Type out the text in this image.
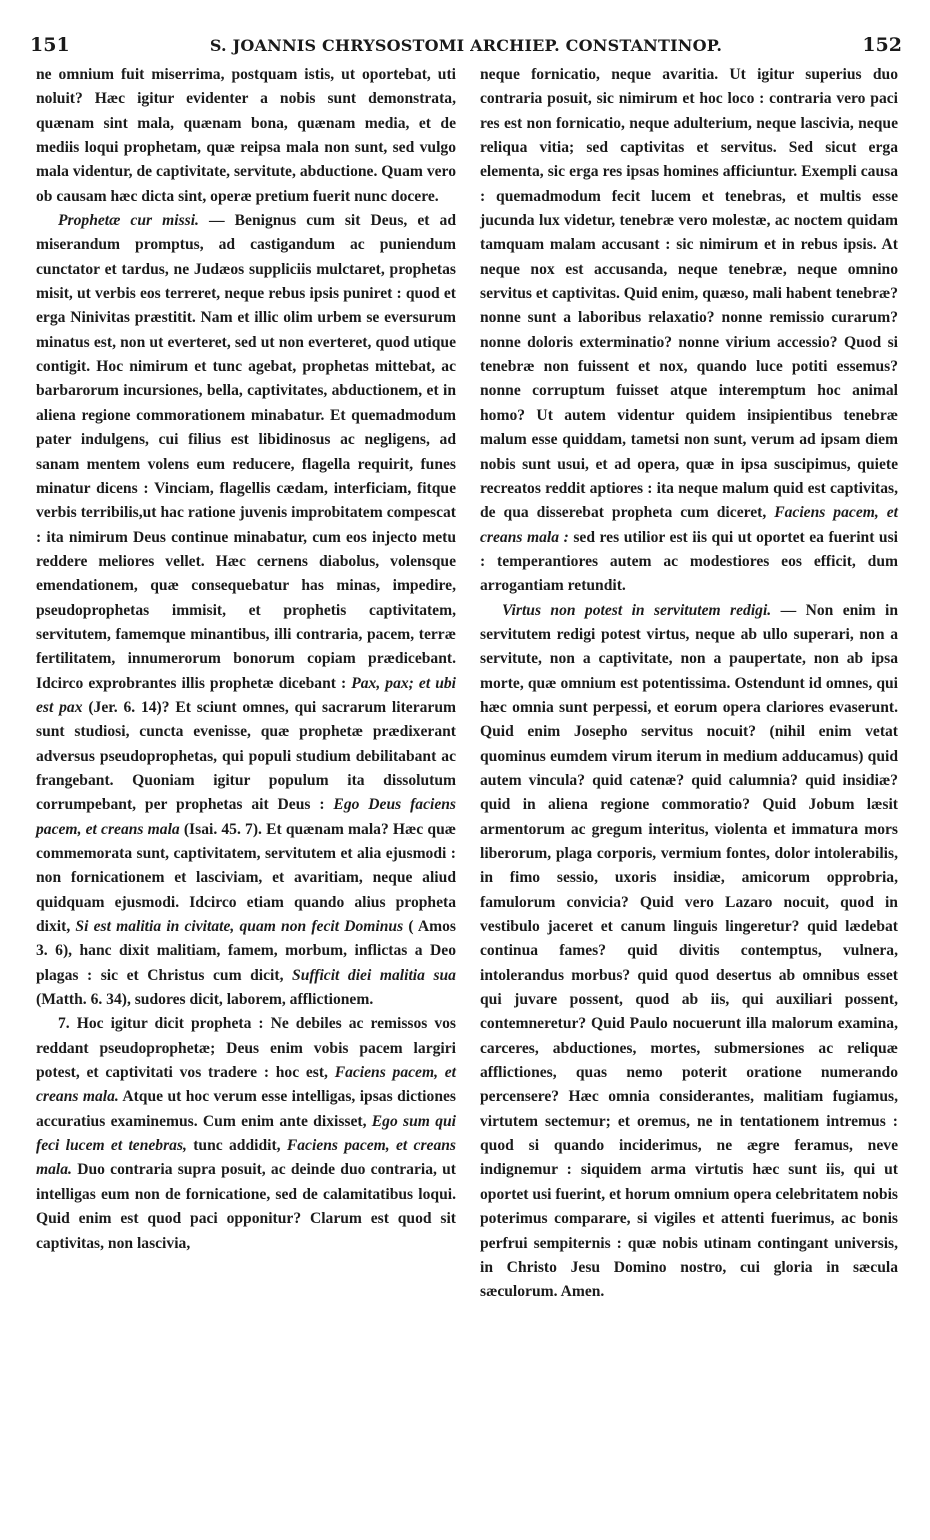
151	S. JOANNIS CHRYSOSTOMI ARCHIEP. CONSTANTINOP.	152

ne omnium fuit miserrima, postquam istis, ut oportebat, uti noluit? Hæc igitur evidenter a nobis sunt demonstrata, quænam sint mala, quænam bona, quænam media, et de mediis loqui prophetam, quæ reipsa mala non sunt, sed vulgo mala videntur, de captivitate, servitute, abductione. Quam vero ob causam hæc dicta sint, operæ pretium fuerit nunc docere.

Prophetæ cur missi. — Benignus cum sit Deus, et ad miserandum promptus, ad castigandum ac puniendum cunctator et tardus, ne Judæos suppliciis mulctaret, prophetas misit, ut verbis eos terreret, neque rebus ipsis puniret : quod et erga Ninivitas præstitit. Nam et illic olim urbem se eversurum minatus est, non ut everteret, sed ut non everteret, quod utique contigit. Hoc nimirum et tunc agebat, prophetas mittebat, ac barbarorum incursiones, bella, captivitates, abductionem, et in aliena regione commorationem minabatur. Et quemadmodum pater indulgens, cui filius est libidinosus ac negligens, ad sanam mentem volens eum reducere, flagella requirit, funes minatur dicens : Vinciam, flagellis cædam, interficiam, fitque verbis terribilis,ut hac ratione juvenis improbitatem compescat : ita nimirum Deus continue minabatur, cum eos injecto metu reddere meliores vellet. Hæc cernens diabolus, volensque emendationem, quæ consequebatur has minas, impedire, pseudoprophetas immisit, et prophetis captivitatem, servitutem, famemque minantibus, illi contraria, pacem, terræ fertilitatem, innumerorum bonorum copiam prædicebant. Idcirco exprobrantes illis prophetæ dicebant : Pax, pax; et ubi est pax (Jer. 6. 14)? Et sciunt omnes, qui sacrarum literarum sunt studiosi, cuncta evenisse, quæ prophetæ prædixerant adversus pseudoprophetas, qui populi studium debilitabant ac frangebant. Quoniam igitur populum ita dissolutum corrumpebant, per prophetas ait Deus : Ego Deus faciens pacem, et creans mala (Isai. 45. 7). Et quænam mala? Hæc quæ commemorata sunt, captivitatem, servitutem et alia ejusmodi : non fornicationem et lasciviam, et avaritiam, neque aliud quidquam ejusmodi. Idcirco etiam quando alius propheta dixit, Si est malitia in civitate, quam non fecit Dominus ( Amos 3. 6), hanc dixit malitiam, famem, morbum, inflictas a Deo plagas : sic et Christus cum dicit, Sufficit diei malitia sua (Matth. 6. 34), sudores dicit, laborem, afflictionem.

7. Hoc igitur dicit propheta : Ne debiles ac remissos vos reddant pseudoprophetæ; Deus enim vobis pacem largiri potest, et captivitati vos tradere : hoc est, Faciens pacem, et creans mala. Atque ut hoc verum esse intelligas, ipsas dictiones accuratius examinemus. Cum enim ante dixisset, Ego sum qui feci lucem et tenebras, tunc addidit, Faciens pacem, et creans mala. Duo contraria supra posuit, ac deinde duo contraria, ut intelligas eum non de fornicatione, sed de calamitatibus loqui. Quid enim est quod paci opponitur? Clarum est quod sit captivitas, non lascivia,

neque fornicatio, neque avaritia. Ut igitur superius duo contraria posuit, sic nimirum et hoc loco : contraria vero paci res est non fornicatio, neque adulterium, neque lascivia, neque reliqua vitia; sed captivitas et servitus. Sed sicut erga elementa, sic erga res ipsas homines afficiuntur. Exempli causa : quemadmodum fecit lucem et tenebras, et multis esse jucunda lux videtur, tenebræ vero molestæ, ac noctem quidam tamquam malam accusant : sic nimirum et in rebus ipsis. At neque nox est accusanda, neque tenebræ, neque omnino servitus et captivitas. Quid enim, quæso, mali habent tenebræ? nonne sunt a laboribus relaxatio? nonne remissio curarum? nonne doloris exterminatio? nonne virium accessio? Quod si tenebræ non fuissent et nox, quando luce potiti essemus? nonne corruptum fuisset atque interemptum hoc animal homo? Ut autem videntur quidem insipientibus tenebræ malum esse quiddam, tametsi non sunt, verum ad ipsam diem nobis sunt usui, et ad opera, quæ in ipsa suscipimus, quiete recreatos reddit aptiores : ita neque malum quid est captivitas, de qua disserebat propheta cum diceret, Faciens pacem, et creans mala : sed res utilior est iis qui ut oportet ea fuerint usi : temperantiores autem ac modestiores eos efficit, dum arrogantiam retundit.

Virtus non potest in servitutem redigi. — Non enim in servitutem redigi potest virtus, neque ab ullo superari, non a servitute, non a captivitate, non a paupertate, non ab ipsa morte, quæ omnium est potentissima. Ostendunt id omnes, qui hæc omnia sunt perpessi, et eorum opera clariores evaserunt. Quid enim Josepho servitus nocuit? (nihil enim vetat quominus eumdem virum iterum in medium adducamus) quid autem vincula? quid catenæ? quid calumnia? quid insidiæ? quid in aliena regione commoratio? Quid Jobum læsit armentorum ac gregum interitus, violenta et immatura mors liberorum, plaga corporis, vermium fontes, dolor intolerabilis, in fimo sessio, uxoris insidiæ, amicorum opprobria, famulorum convicia? Quid vero Lazaro nocuit, quod in vestibulo jaceret et canum linguis lingeretur? quid lædebat continua fames? quid divitis contemptus, vulnera, intolerandus morbus? quid quod desertus ab omnibus esset qui juvare possent, quod ab iis, qui auxiliari possent, contemneretur? Quid Paulo nocuerunt illa malorum examina, carceres, abductiones, mortes, submersiones ac reliquæ afflictiones, quas nemo poterit oratione numerando percensere? Hæc omnia considerantes, malitiam fugiamus, virtutem sectemur; et oremus, ne in tentationem intremus : quod si quando inciderimus, ne ægre feramus, neve indignemur : siquidem arma virtutis hæc sunt iis, qui ut oportet usi fuerint, et horum omnium opera celebritatem nobis poterimus comparare, si vigiles et attenti fuerimus, ac bonis perfrui sempiternis : quæ nobis utinam contingant universis, in Christo Jesu Domino nostro, cui gloria in sæcula sæculorum. Amen.
